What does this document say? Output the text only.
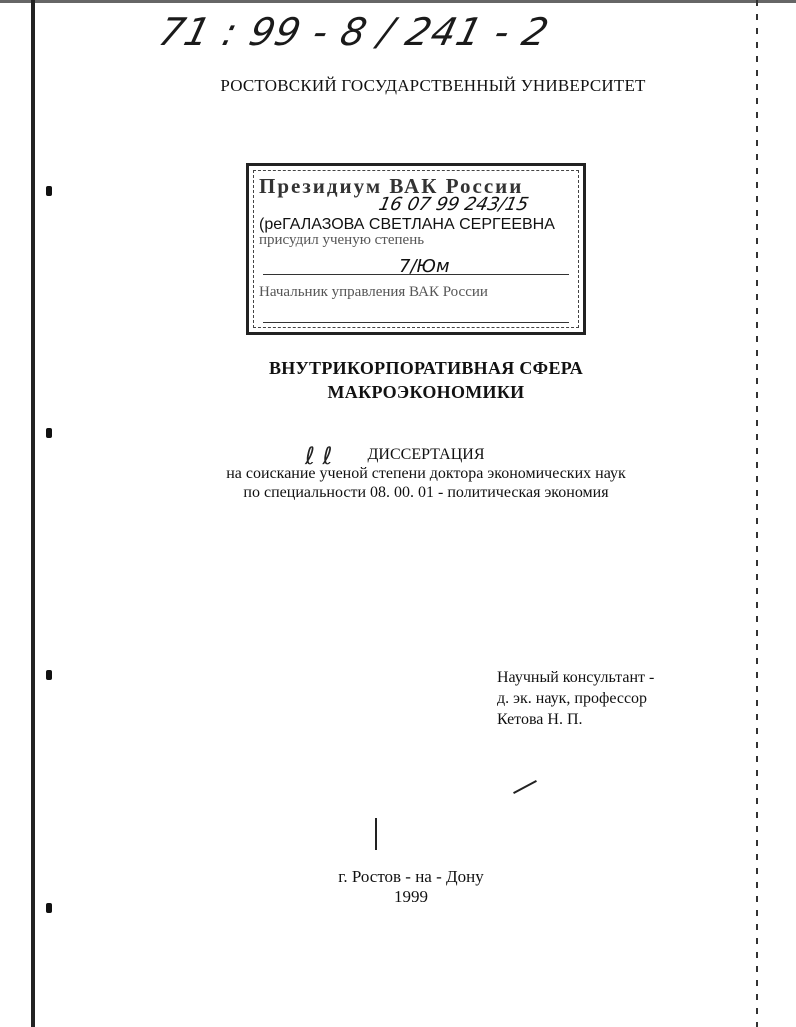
71 : 99 - 8 / 241 - 2
РОСТОВСКИЙ ГОСУДАРСТВЕННЫЙ УНИВЕРСИТЕТ
Президиум ВАК России
16 07 99 243/15
(реГАЛАЗОВА СВЕТЛАНА СЕРГЕЕВНА
присудил ученую степень
7/Юм
Начальник управления ВАК России
ВНУТРИКОРПОРАТИВНАЯ СФЕРА
МАКРОЭКОНОМИКИ
ℓ ℓ	ДИССЕРТАЦИЯ
на соискание ученой степени доктора экономических наук
по специальности 08. 00. 01 - политическая экономия
Научный консультант -
д. эк. наук, профессор
Кетова Н. П.
г. Ростов - на - Дону
1999
